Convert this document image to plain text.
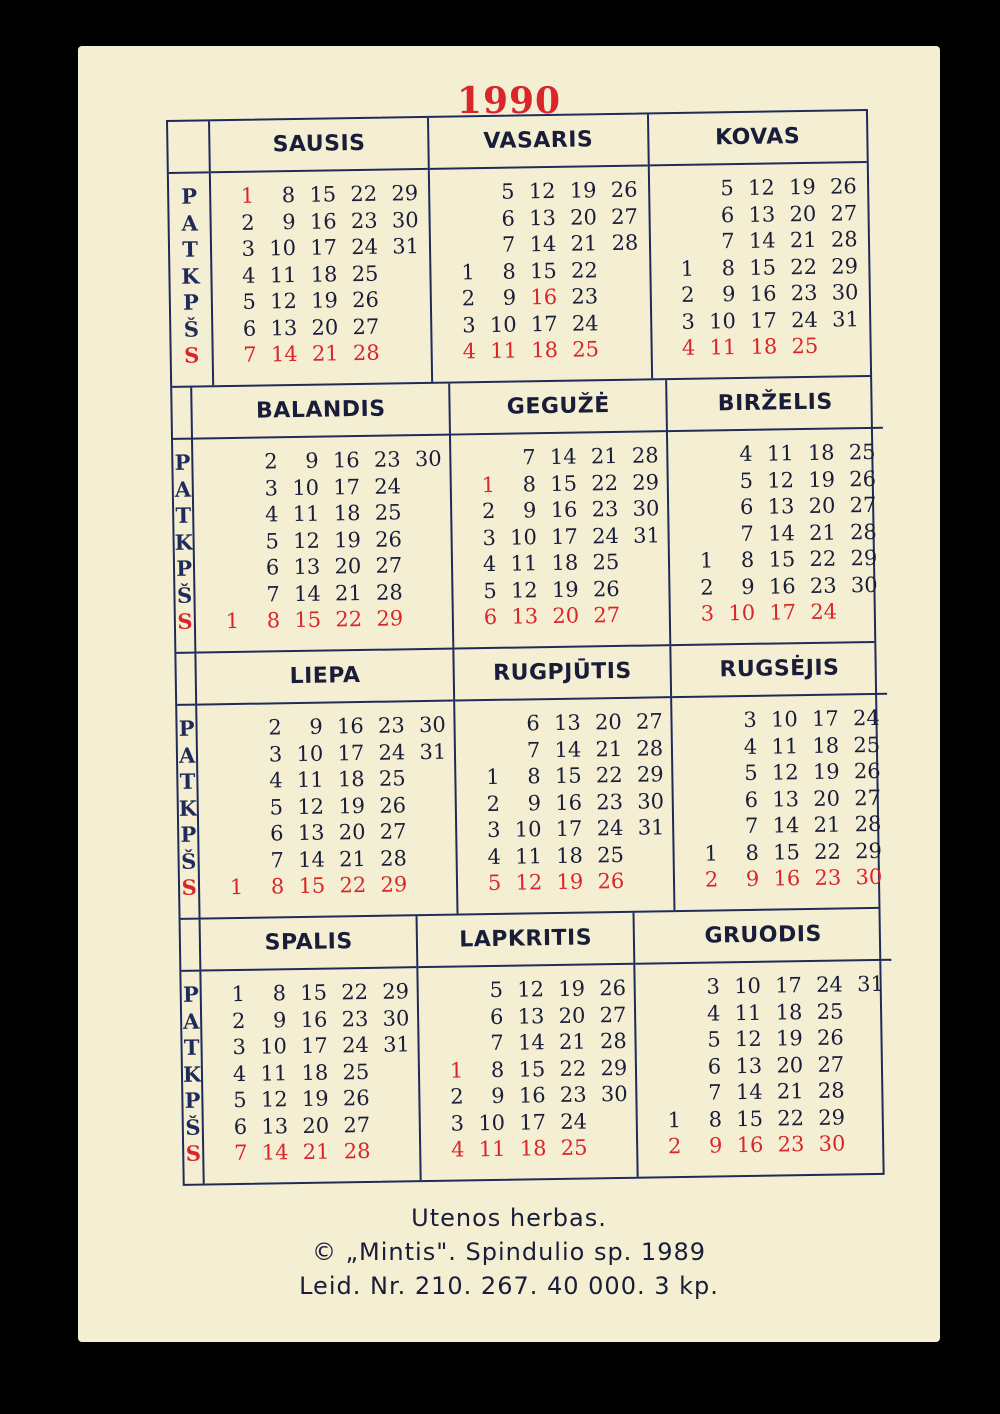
1990
P
A
T
K
P
Š
S
SAUSIS
1
2
3
4
5
6
7
8
9
10
11
12
13
14
15
16
17
18
19
20
21
22
23
24
25
26
27
28
29
30
31
VASARIS
1
2
3
4
5
6
7
8
9
10
11
12
13
14
15
16
17
18
19
20
21
22
23
24
25
26
27
28
KOVAS
1
2
3
4
5
6
7
8
9
10
11
12
13
14
15
16
17
18
19
20
21
22
23
24
25
26
27
28
29
30
31
P
A
T
K
P
Š
S
BALANDIS
1
2
3
4
5
6
7
8
9
10
11
12
13
14
15
16
17
18
19
20
21
22
23
24
25
26
27
28
29
30
GEGUŽĖ
1
2
3
4
5
6
7
8
9
10
11
12
13
14
15
16
17
18
19
20
21
22
23
24
25
26
27
28
29
30
31
BIRŽELIS
1
2
3
4
5
6
7
8
9
10
11
12
13
14
15
16
17
18
19
20
21
22
23
24
25
26
27
28
29
30
P
A
T
K
P
Š
S
LIEPA
1
2
3
4
5
6
7
8
9
10
11
12
13
14
15
16
17
18
19
20
21
22
23
24
25
26
27
28
29
30
31
RUGPJŪTIS
1
2
3
4
5
6
7
8
9
10
11
12
13
14
15
16
17
18
19
20
21
22
23
24
25
26
27
28
29
30
31
RUGSĖJIS
1
2
3
4
5
6
7
8
9
10
11
12
13
14
15
16
17
18
19
20
21
22
23
24
25
26
27
28
29
30
P
A
T
K
P
Š
S
SPALIS
1
2
3
4
5
6
7
8
9
10
11
12
13
14
15
16
17
18
19
20
21
22
23
24
25
26
27
28
29
30
31
LAPKRITIS
1
2
3
4
5
6
7
8
9
10
11
12
13
14
15
16
17
18
19
20
21
22
23
24
25
26
27
28
29
30
GRUODIS
1
2
3
4
5
6
7
8
9
10
11
12
13
14
15
16
17
18
19
20
21
22
23
24
25
26
27
28
29
30
31
Utenos herbas.
© „Mintis". Spindulio sp. 1989
Leid. Nr. 210. 267. 40 000. 3 kp.
